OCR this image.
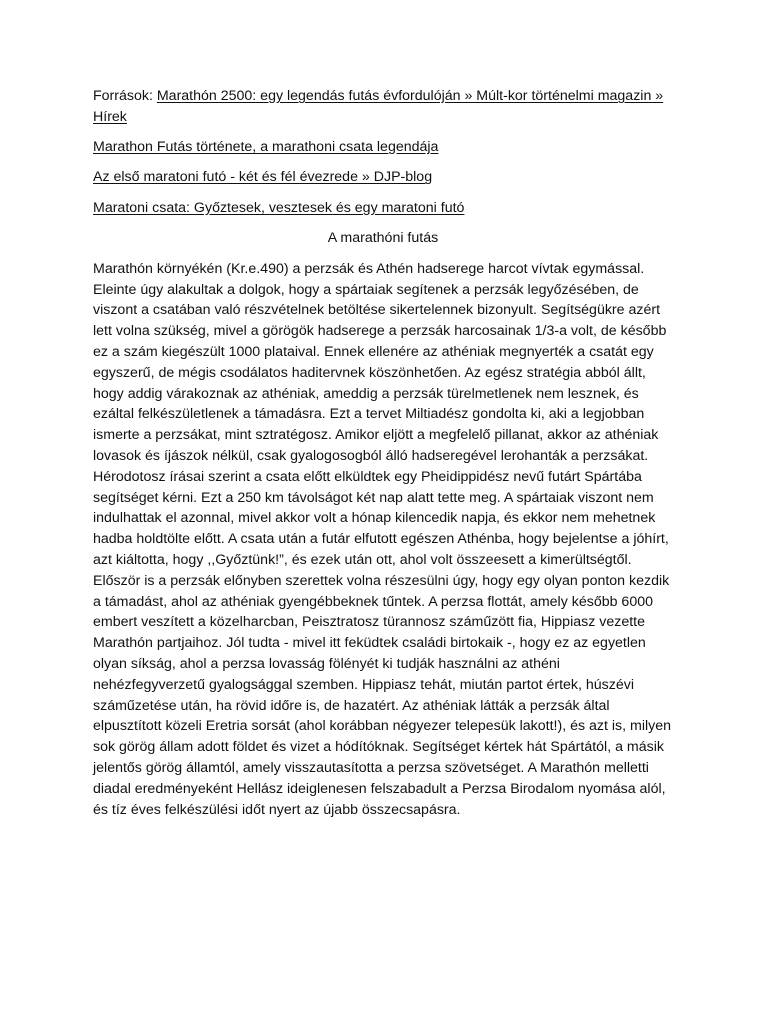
Források: Marathón 2500: egy legendás futás évfordulóján » Múlt-kor történelmi magazin » Hírek

Marathon Futás története, a marathoni csata legendája

Az első maratoni futó - két és fél évezrede » DJP-blog

Maratoni csata: Győztesek, vesztesek és egy maratoni futó

A marathóni futás

Marathón környékén (Kr.e.490) a perzsák és Athén hadserege harcot vívtak egymással. Eleinte úgy alakultak a dolgok, hogy a spártaiak segítenek a perzsák legyőzésében, de viszont a csatában való részvételnek betöltése sikertelennek bizonyult. Segítségükre azért lett volna szükség, mivel a görögök hadserege a perzsák harcosainak 1/3-a volt, de később ez a szám kiegészült 1000 plataival. Ennek ellenére az athéniak megnyerték a csatát egy egyszerű, de mégis csodálatos haditervnek köszönhetően. Az egész stratégia abból állt, hogy addig várakoznak az athéniak, ameddig a perzsák türelmetlenek nem lesznek, és ezáltal felkészületlenek a támadásra. Ezt a tervet Miltiadész gondolta ki, aki a legjobban ismerte a perzsákat, mint sztratégosz. Amikor eljött a megfelelő pillanat, akkor az athéniak lovasok és íjászok nélkül, csak gyalogosogból álló hadseregével lerohanták a perzsákat. Hérodotosz írásai szerint a csata előtt elküldtek egy Pheidippidész nevű futárt Spártába segítséget kérni. Ezt a 250 km távolságot két nap alatt tette meg. A spártaiak viszont nem indulhattak el azonnal, mivel akkor volt a hónap kilencedik napja, és ekkor nem mehetnek hadba holdtölte előtt. A csata után a futár elfutott egészen Athénba, hogy bejelentse a jóhírt, azt kiáltotta, hogy ,,Győztünk!”, és ezek után ott, ahol volt összeesett a kimerültségtől. Először is a perzsák előnyben szerettek volna részesülni úgy, hogy egy olyan ponton kezdik a támadást, ahol az athéniak gyengébbeknek tűntek. A perzsa flottát, amely később 6000 embert veszített a közelharcban, Peisztratosz türannosz száműzött fia, Hippiasz vezette Marathón partjaihoz. Jól tudta - mivel itt feküdtek családi birtokaik -, hogy ez az egyetlen olyan síkság, ahol a perzsa lovasság fölényét ki tudják használni az athéni nehézfegyverzetű gyalogsággal szemben. Hippiasz tehát, miután partot értek, húszévi száműzetése után, ha rövid időre is, de hazatért. Az athéniak látták a perzsák által elpusztított közeli Eretria sorsát (ahol korábban négyezer telepesük lakott!), és azt is, milyen sok görög állam adott földet és vizet a hódítóknak. Segítséget kértek hát Spártától, a másik jelentős görög államtól, amely visszautasította a perzsa szövetséget. A Marathón melletti diadal eredményeként Hellász ideiglenesen felszabadult a Perzsa Birodalom nyomása alól, és tíz éves felkészülési időt nyert az újabb összecsapásra.
